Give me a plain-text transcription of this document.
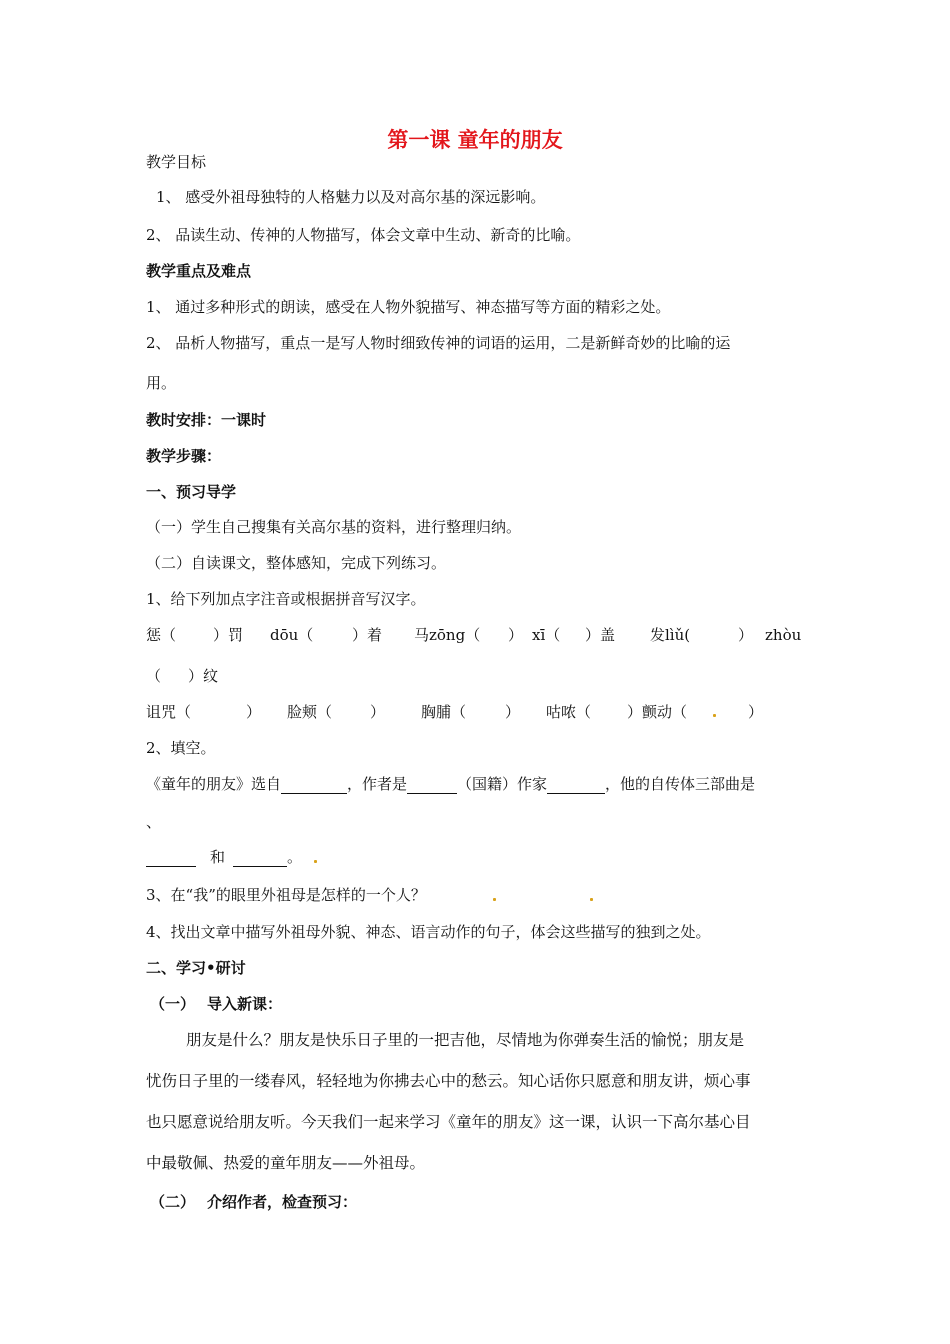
第一课 童年的朋友
教学目标
1、 感受外祖母独特的人格魅力以及对高尔基的深远影响。
2、 品读生动、传神的人物描写，体会文章中生动、新奇的比喻。
教学重点及难点
1、 通过多种形式的朗读，感受在人物外貌描写、神态描写等方面的精彩之处。
2、 品析人物描写，重点一是写人物时细致传神的词语的运用，二是新鲜奇妙的比喻的运
用。
教时安排：一课时
教学步骤：
一、预习导学
（一）学生自己搜集有关高尔基的资料，进行整理归纳。
（二）自读课文，整体感知，完成下列练习。
1、给下列加点字注音或根据拼音写汉字。
惩（ ）罚 dōu（	）着 马zōng（ ） xī（ ）盖 发lìǔ(	） zhòu
（ ）纹
诅咒（	） 脸颊（	） 胸脯（	） 咕哝（ ）颤动（	）
2、填空。
《童年的朋友》选自	，作者是	（国籍）作家	，他的自传体三部曲是
、
和	。
3、在“我”的眼里外祖母是怎样的一个人？
4、找出文章中描写外祖母外貌、神态、语言动作的句子，体会这些描写的独到之处。
二、学习•研讨
（一） 导入新课：
朋友是什么？朋友是快乐日子里的一把吉他，尽情地为你弹奏生活的愉悦；朋友是
忧伤日子里的一缕春风，轻轻地为你拂去心中的愁云。知心话你只愿意和朋友讲，烦心事
也只愿意说给朋友听。今天我们一起来学习《童年的朋友》这一课，认识一下高尔基心目
中最敬佩、热爱的童年朋友——外祖母。
（二） 介绍作者，检查预习：
